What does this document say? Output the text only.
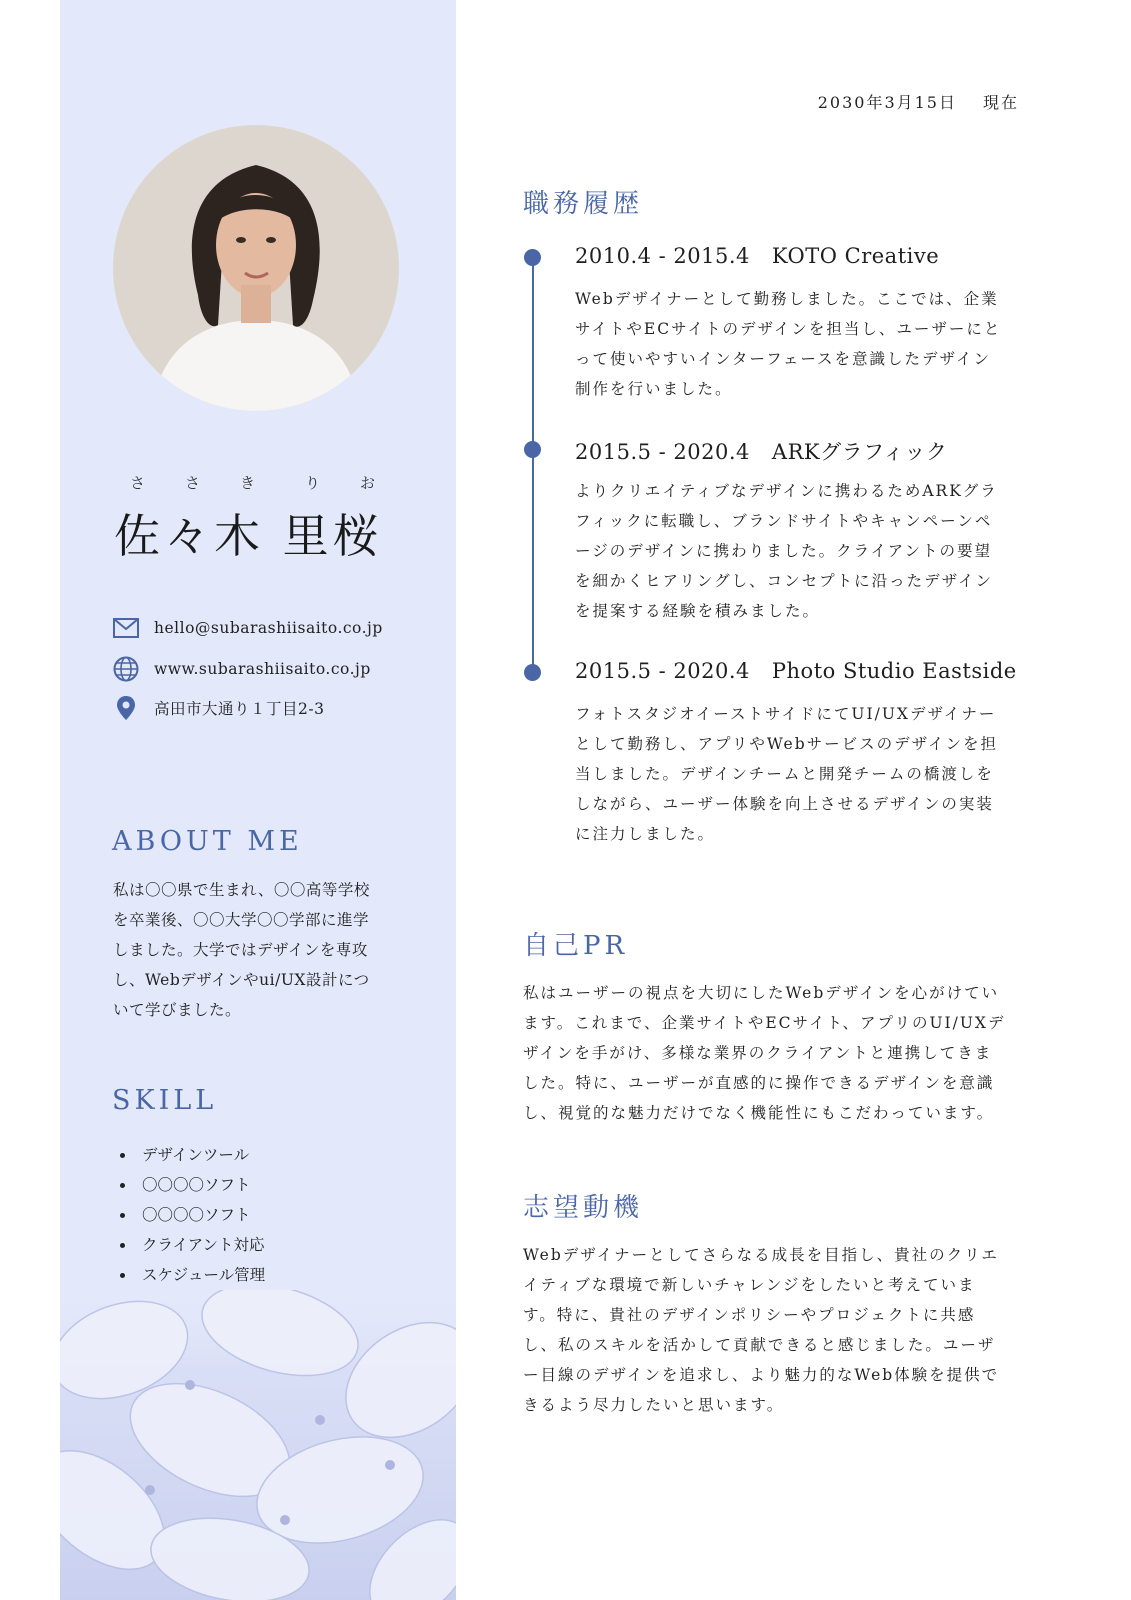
さ	さ	き	り	お
佐々木 里桜
hello@subarashiisaito.co.jp
www.subarashiisaito.co.jp
高田市大通り１丁目2-3
ABOUT ME

私は〇〇県で生まれ、〇〇高等学校
を卒業後、〇〇大学〇〇学部に進学
しました。大学ではデザインを専攻
し、Webデザインやui/UX設計につ
いて学びました。

SKILL
デザインツール
〇〇〇〇ソフト
〇〇〇〇ソフト
クライアント対応
スケジュール管理
2030年3月15日 現在
職務履歴
2010.4 - 2015.4 KOTO Creative

Webデザイナーとして勤務しました。ここでは、企業
サイトやECサイトのデザインを担当し、ユーザーにと
って使いやすいインターフェースを意識したデザイン
制作を行いました。

2015.5 - 2020.4 ARKグラフィック

よりクリエイティブなデザインに携わるためARKグラ
フィックに転職し、ブランドサイトやキャンペーンペ
ージのデザインに携わりました。クライアントの要望
を細かくヒアリングし、コンセプトに沿ったデザイン
を提案する経験を積みました。

2015.5 - 2020.4 Photo Studio Eastside

フォトスタジオイーストサイドにてUI/UXデザイナー
として勤務し、アプリやWebサービスのデザインを担
当しました。デザインチームと開発チームの橋渡しを
しながら、ユーザー体験を向上させるデザインの実装
に注力しました。

自己PR

私はユーザーの視点を大切にしたWebデザインを心がけてい
ます。これまで、企業サイトやECサイト、アプリのUI/UXデ
ザインを手がけ、多様な業界のクライアントと連携してきま
した。特に、ユーザーが直感的に操作できるデザインを意識
し、視覚的な魅力だけでなく機能性にもこだわっています。

志望動機

Webデザイナーとしてさらなる成長を目指し、貴社のクリエ
イティブな環境で新しいチャレンジをしたいと考えていま
す。特に、貴社のデザインポリシーやプロジェクトに共感
し、私のスキルを活かして貢献できると感じました。ユーザ
ー目線のデザインを追求し、より魅力的なWeb体験を提供で
きるよう尽力したいと思います。
